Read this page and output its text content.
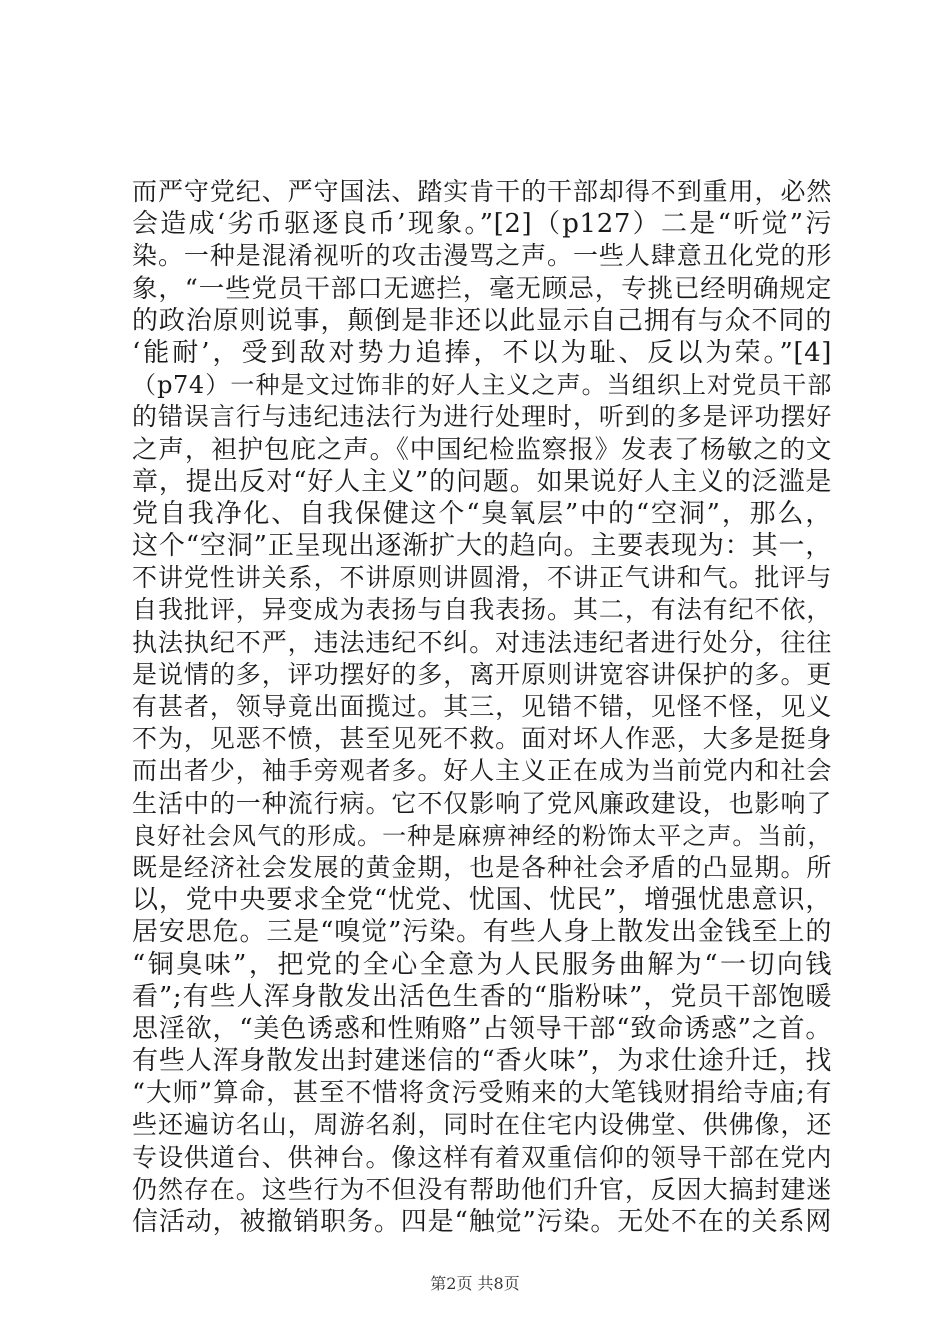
而严守党纪、严守国法、踏实肯干的干部却得不到重用，必然
会造成‘劣币驱逐良币’现象。”[2]（p127）二是“听觉”污
染。一种是混淆视听的攻击漫骂之声。一些人肆意丑化党的形
象，“一些党员干部口无遮拦，毫无顾忌，专挑已经明确规定
的政治原则说事，颠倒是非还以此显示自己拥有与众不同的
‘能耐’，受到敌对势力追捧，不以为耻、反以为荣。”[4]
（p74）一种是文过饰非的好人主义之声。当组织上对党员干部
的错误言行与违纪违法行为进行处理时，听到的多是评功摆好
之声，袒护包庇之声。《中国纪检监察报》发表了杨敏之的文
章，提出反对“好人主义”的问题。如果说好人主义的泛滥是
党自我净化、自我保健这个“臭氧层”中的“空洞”，那么，
这个“空洞”正呈现出逐渐扩大的趋向。主要表现为：其一，
不讲党性讲关系，不讲原则讲圆滑，不讲正气讲和气。批评与
自我批评，异变成为表扬与自我表扬。其二，有法有纪不依，
执法执纪不严，违法违纪不纠。对违法违纪者进行处分，往往
是说情的多，评功摆好的多，离开原则讲宽容讲保护的多。更
有甚者，领导竟出面揽过。其三，见错不错，见怪不怪，见义
不为，见恶不愤，甚至见死不救。面对坏人作恶，大多是挺身
而出者少，袖手旁观者多。好人主义正在成为当前党内和社会
生活中的一种流行病。它不仅影响了党风廉政建设，也影响了
良好社会风气的形成。一种是麻痹神经的粉饰太平之声。当前，
既是经济社会发展的黄金期，也是各种社会矛盾的凸显期。所
以，党中央要求全党“忧党、忧国、忧民”，增强忧患意识，
居安思危。三是“嗅觉”污染。有些人身上散发出金钱至上的
“铜臭味”，把党的全心全意为人民服务曲解为“一切向钱
看”;有些人浑身散发出活色生香的“脂粉味”，党员干部饱暖
思淫欲，“美色诱惑和性贿赂”占领导干部“致命诱惑”之首。
有些人浑身散发出封建迷信的“香火味”，为求仕途升迁，找
“大师”算命，甚至不惜将贪污受贿来的大笔钱财捐给寺庙;有
些还遍访名山，周游名刹，同时在住宅内设佛堂、供佛像，还
专设供道台、供神台。像这样有着双重信仰的领导干部在党内
仍然存在。这些行为不但没有帮助他们升官，反因大搞封建迷
信活动，被撤销职务。四是“触觉”污染。无处不在的关系网
第2页 共8页
